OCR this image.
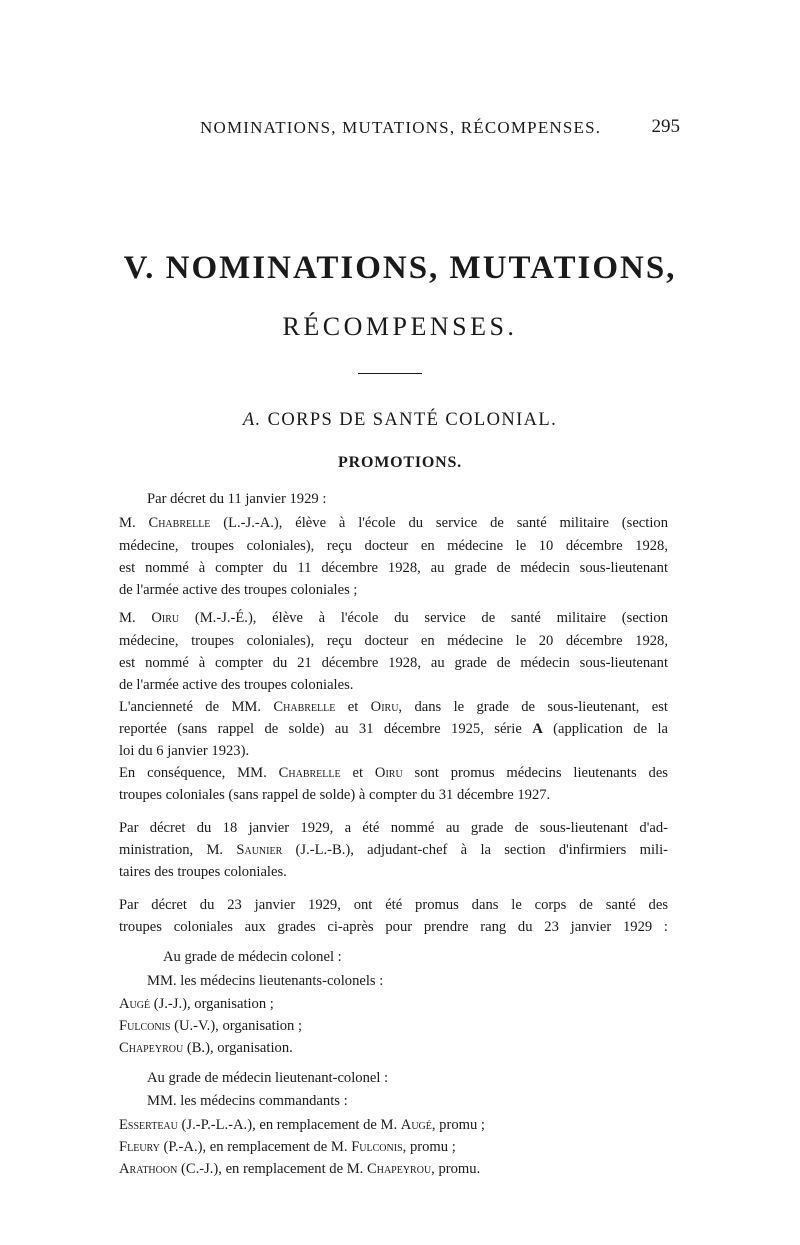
NOMINATIONS, MUTATIONS, RÉCOMPENSES.	295
V. NOMINATIONS, MUTATIONS,
RÉCOMPENSES.
A. CORPS DE SANTÉ COLONIAL.
PROMOTIONS.
Par décret du 11 janvier 1929 :
M. Chabrelle (L.-J.-A.), élève à l'école du service de santé militaire (section
médecine, troupes coloniales), reçu docteur en médecine le 10 décembre 1928,
est nommé à compter du 11 décembre 1928, au grade de médecin sous-lieutenant
de l'armée active des troupes coloniales ;
M. Oiru (M.-J.-É.), élève à l'école du service de santé militaire (section
médecine, troupes coloniales), reçu docteur en médecine le 20 décembre 1928,
est nommé à compter du 21 décembre 1928, au grade de médecin sous-lieutenant
de l'armée active des troupes coloniales.
L'ancienneté de MM. Chabrelle et Oiru, dans le grade de sous-lieutenant, est
reportée (sans rappel de solde) au 31 décembre 1925, série A (application de la
loi du 6 janvier 1923).
En conséquence, MM. Chabrelle et Oiru sont promus médecins lieutenants des
troupes coloniales (sans rappel de solde) à compter du 31 décembre 1927.
Par décret du 18 janvier 1929, a été nommé au grade de sous-lieutenant d'ad-
ministration, M. Saunier (J.-L.-B.), adjudant-chef à la section d'infirmiers mili-
taires des troupes coloniales.
Par décret du 23 janvier 1929, ont été promus dans le corps de santé des
troupes coloniales aux grades ci-après pour prendre rang du 23 janvier 1929 :
Au grade de médecin colonel :
MM. les médecins lieutenants-colonels :
Augé (J.-J.), organisation ;
Fulconis (U.-V.), organisation ;
Chapeyrou (B.), organisation.
Au grade de médecin lieutenant-colonel :
MM. les médecins commandants :
Esserteau (J.-P.-L.-A.), en remplacement de M. Augé, promu ;
Fleury (P.-A.), en remplacement de M. Fulconis, promu ;
Arathoon (C.-J.), en remplacement de M. Chapeyrou, promu.
